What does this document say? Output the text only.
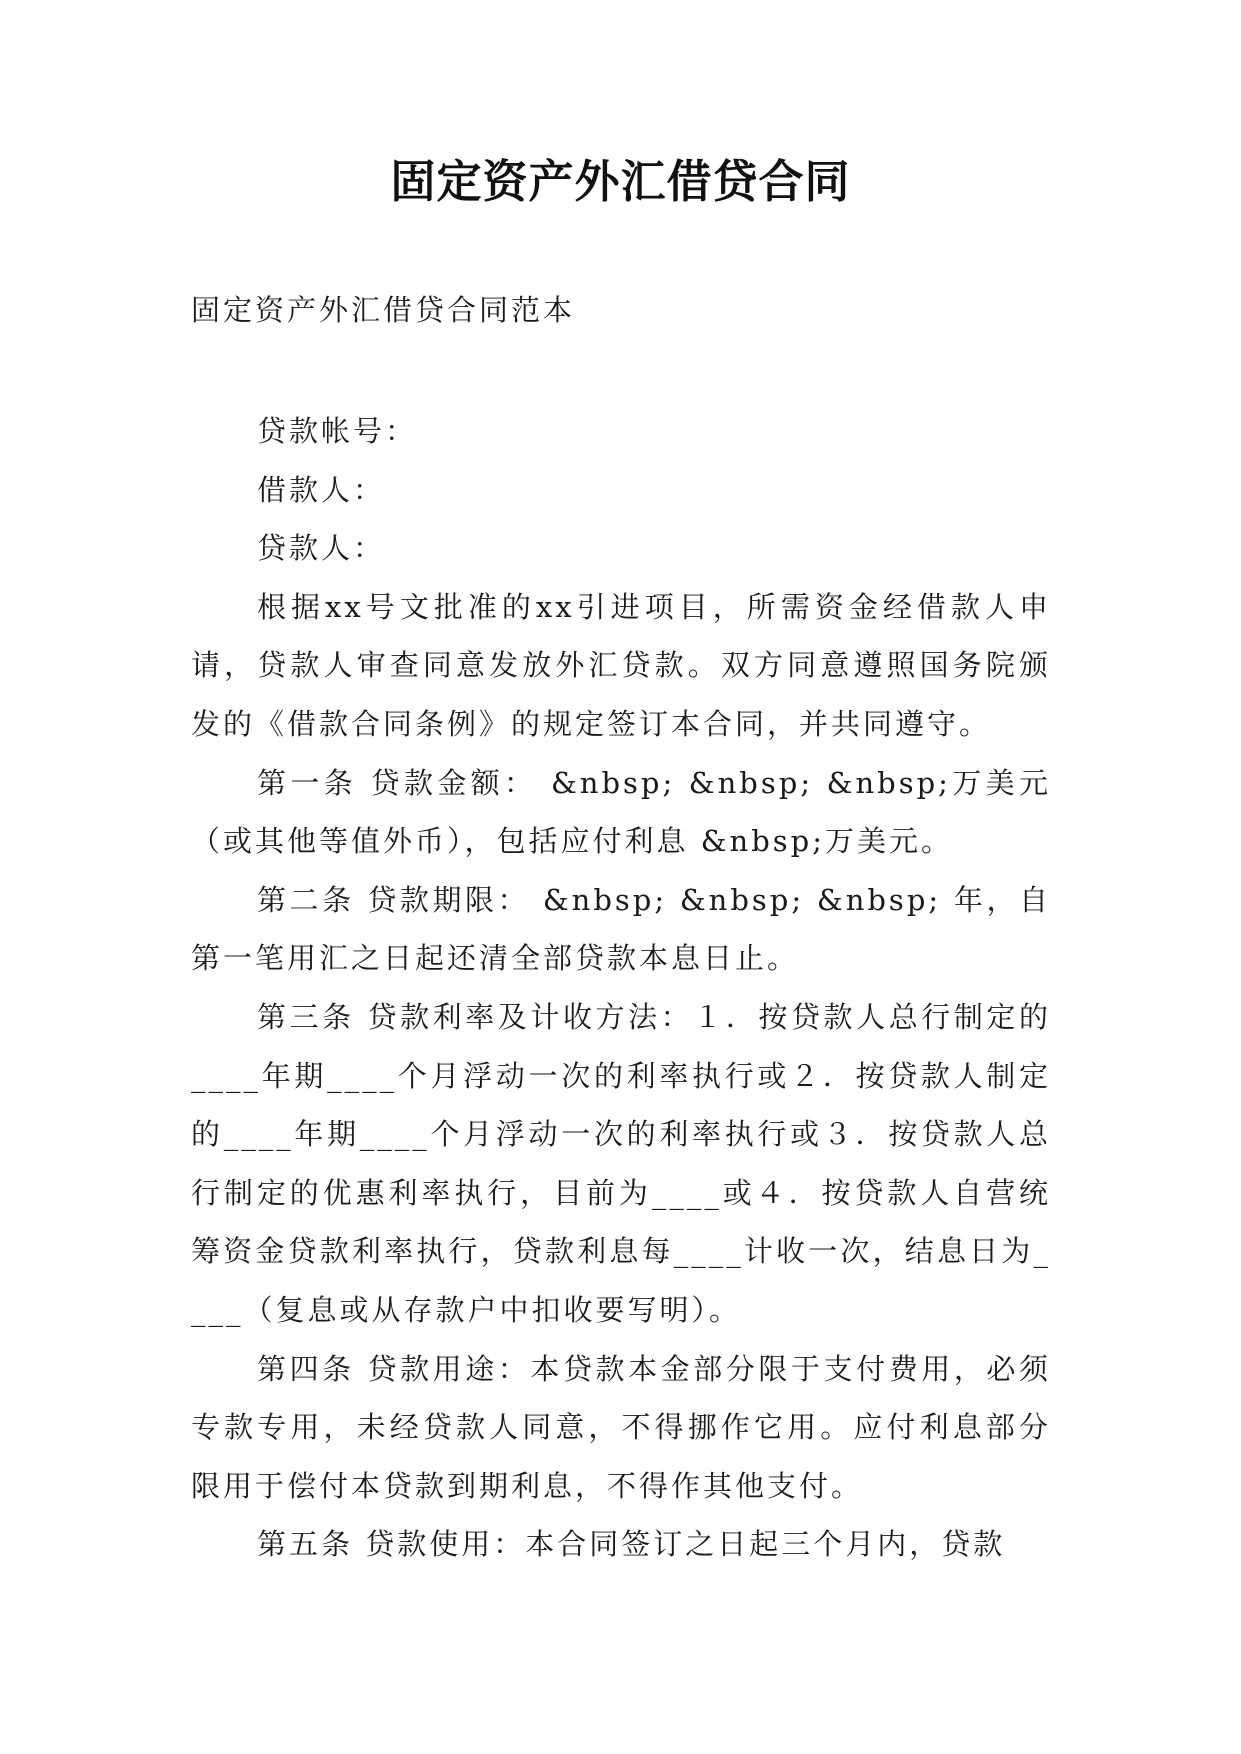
固定资产外汇借贷合同
固定资产外汇借贷合同范本

贷款帐号：

借款人：

贷款人：

根据xx号文批准的xx引进项目，所需资金经借款人申请，贷款人审查同意发放外汇贷款。双方同意遵照国务院颁发的《借款合同条例》的规定签订本合同，并共同遵守。

第一条 贷款金额： &nbsp; &nbsp; &nbsp;万美元（或其他等值外币），包括应付利息 &nbsp;万美元。

第二条 贷款期限： &nbsp; &nbsp; &nbsp; 年，自第一笔用汇之日起还清全部贷款本息日止。

第三条 贷款利率及计收方法：１．按贷款人总行制定的____年期____个月浮动一次的利率执行或２．按贷款人制定的____年期____个月浮动一次的利率执行或３．按贷款人总行制定的优惠利率执行，目前为____或４．按贷款人自营统筹资金贷款利率执行，贷款利息每____计收一次，结息日为____（复息或从存款户中扣收要写明）。

第四条 贷款用途：本贷款本金部分限于支付费用，必须专款专用，未经贷款人同意，不得挪作它用。应付利息部分限用于偿付本贷款到期利息，不得作其他支付。

第五条 贷款使用：本合同签订之日起三个月内，贷款
